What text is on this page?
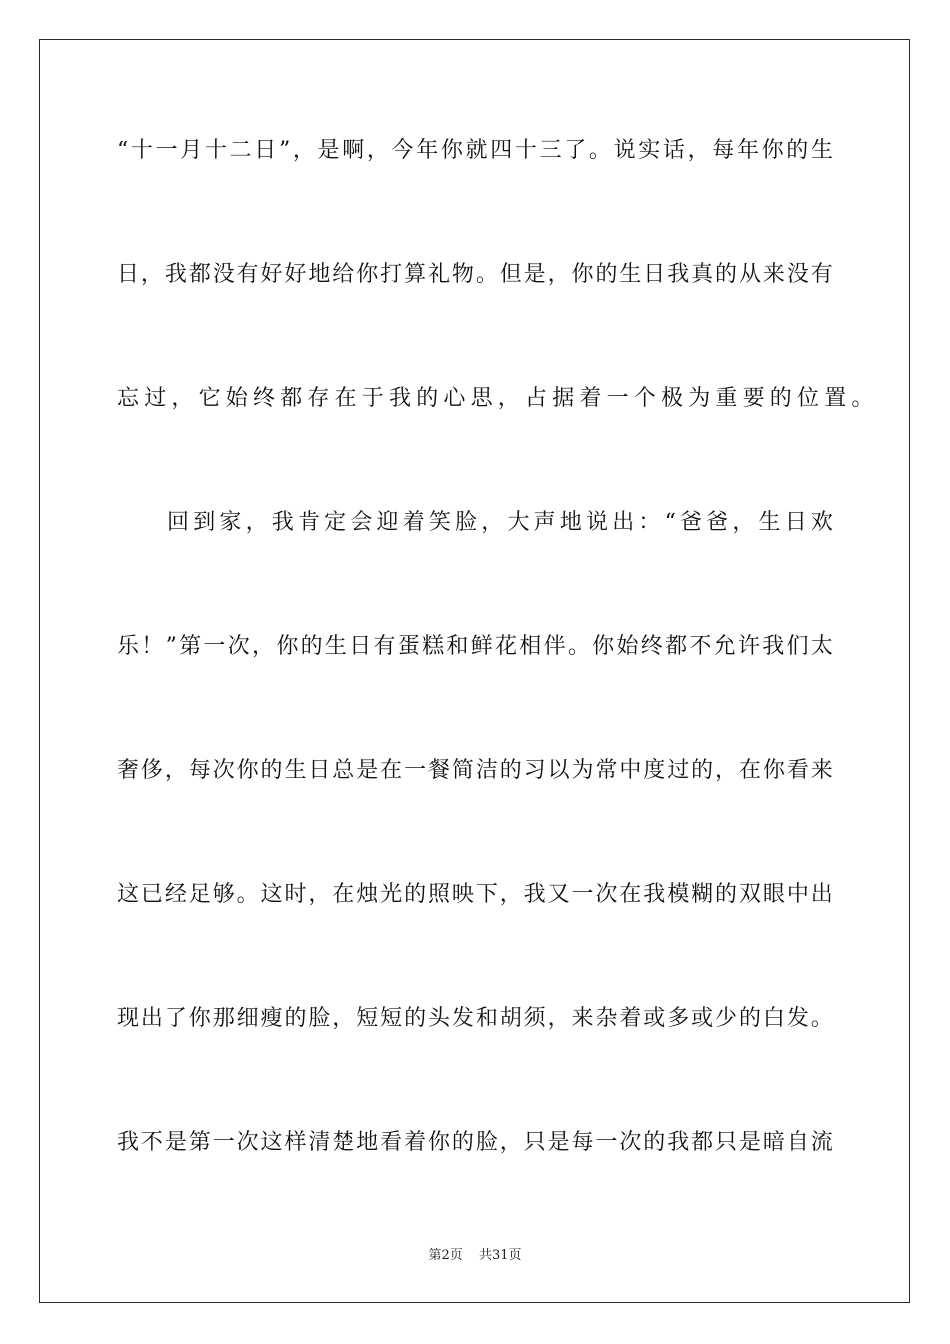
“ 十 一 月 十 二 日 ” ， 是 啊 ， 今 年 你 就 四 十 三 了 。 说 实 话 ， 每 年 你 的 生
日 ， 我 都 没 有 好 好 地 给 你 打 算 礼 物 。 但 是 ， 你 的 生 日 我 真 的 从 来 没 有
忘过，它始终都存在于我的心思，占据着一个极为重要的位置。
回 到 家 ， 我 肯 定 会 迎 着 笑 脸 ， 大 声 地 说 出 ： “ 爸 爸 ， 生 日 欢
乐 ！ ” 第 一 次 ， 你 的 生 日 有 蛋 糕 和 鲜 花 相 伴 。 你 始 终 都 不 允 许 我 们 太
奢 侈 ， 每 次 你 的 生 日 总 是 在 一 餐 简 洁 的 习 以 为 常 中 度 过 的 ， 在 你 看 来
这 已 经 足 够 。 这 时 ， 在 烛 光 的 照 映 下 ， 我 又 一 次 在 我 模 糊 的 双 眼 中 出
现 出 了 你 那 细 瘦 的 脸 ， 短 短 的 头 发 和 胡 须 ， 来 杂 着 或 多 或 少 的 白 发 。
我 不 是 第 一 次 这 样 清 楚 地 看 着 你 的 脸 ， 只 是 每 一 次 的 我 都 只 是 暗 自 流
第2页 共31页
